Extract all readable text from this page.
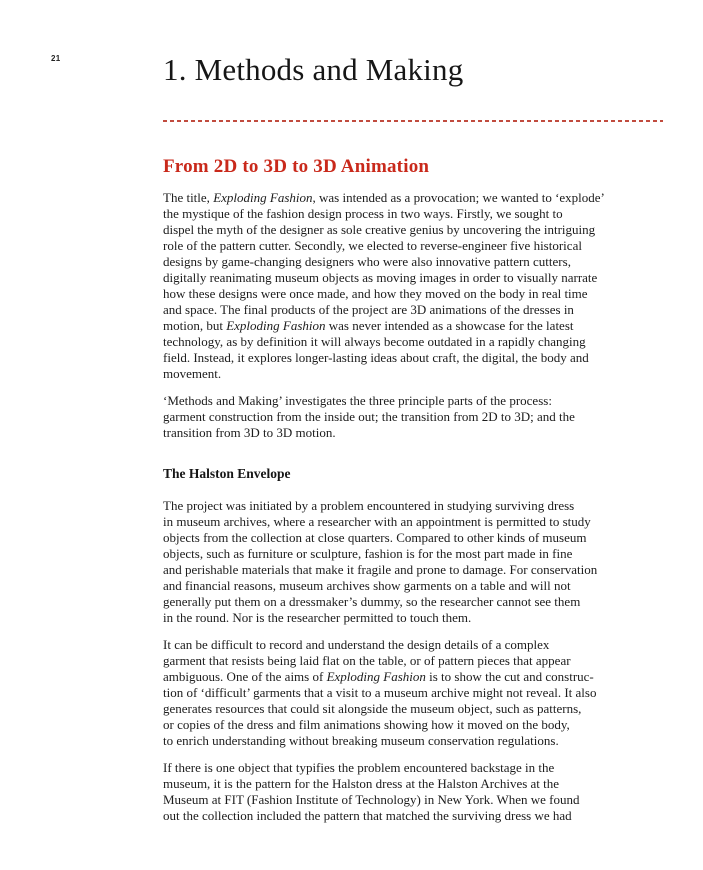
21	1. Methods and Making
From 2D to 3D to 3D Animation

The title, Exploding Fashion, was intended as a provocation; we wanted to ‘explode’
the mystique of the fashion design process in two ways. Firstly, we sought to
dispel the myth of the designer as sole creative genius by uncovering the intriguing
role of the pattern cutter. Secondly, we elected to reverse-engineer five historical
designs by game-changing designers who were also innovative pattern cutters,
digitally reanimating museum objects as moving images in order to visually narrate
how these designs were once made, and how they moved on the body in real time
and space. The final products of the project are 3D animations of the dresses in
motion, but Exploding Fashion was never intended as a showcase for the latest
technology, as by definition it will always become outdated in a rapidly changing
field. Instead, it explores longer-lasting ideas about craft, the digital, the body and
movement.

‘Methods and Making’ investigates the three principle parts of the process:
garment construction from the inside out; the transition from 2D to 3D; and the
transition from 3D to 3D motion.

The Halston Envelope

The project was initiated by a problem encountered in studying surviving dress
in museum archives, where a researcher with an appointment is permitted to study
objects from the collection at close quarters. Compared to other kinds of museum
objects, such as furniture or sculpture, fashion is for the most part made in fine
and perishable materials that make it fragile and prone to damage. For conservation
and financial reasons, museum archives show garments on a table and will not
generally put them on a dressmaker’s dummy, so the researcher cannot see them
in the round. Nor is the researcher permitted to touch them.

It can be difficult to record and understand the design details of a complex
garment that resists being laid flat on the table, or of pattern pieces that appear
ambiguous. One of the aims of Exploding Fashion is to show the cut and construc-
tion of ‘difficult’ garments that a visit to a museum archive might not reveal. It also
generates resources that could sit alongside the museum object, such as patterns,
or copies of the dress and film animations showing how it moved on the body,
to enrich understanding without breaking museum conservation regulations.

If there is one object that typifies the problem encountered backstage in the
museum, it is the pattern for the Halston dress at the Halston Archives at the
Museum at FIT (Fashion Institute of Technology) in New York. When we found
out the collection included the pattern that matched the surviving dress we had
